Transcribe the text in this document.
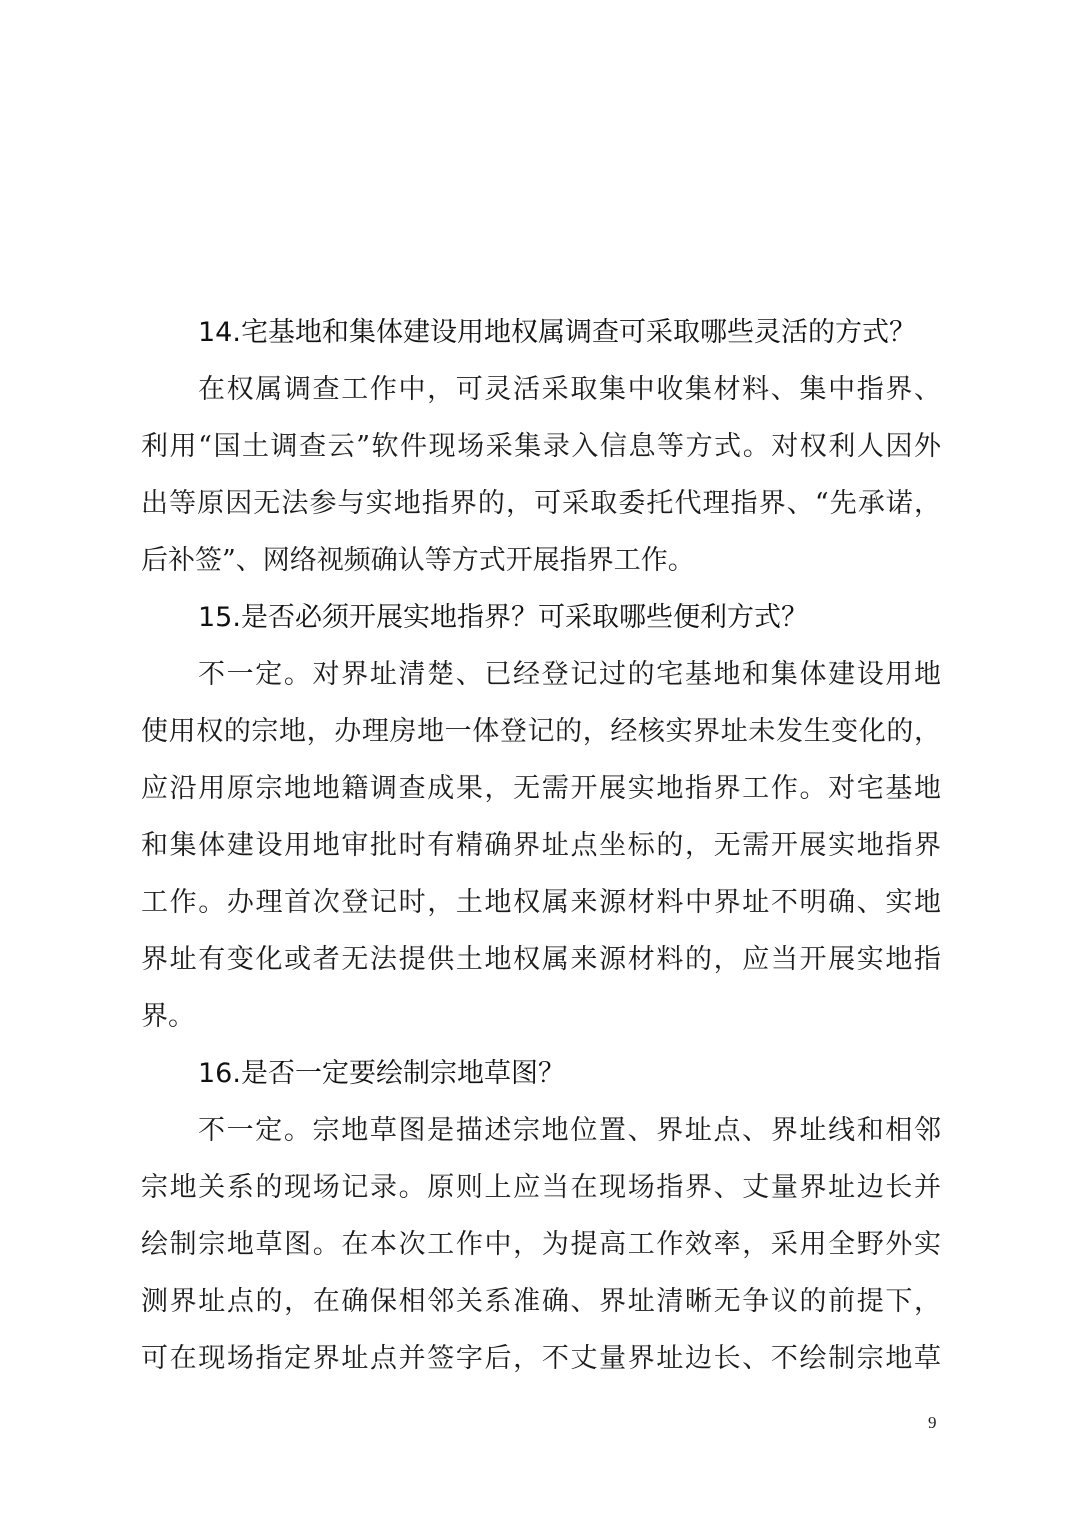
14.宅基地和集体建设用地权属调查可采取哪些灵活的方式？
在权属调查工作中，可灵活采取集中收集材料、集中指界、
利用“国土调查云”软件现场采集录入信息等方式。对权利人因外
出等原因无法参与实地指界的，可采取委托代理指界、“先承诺，
后补签”、网络视频确认等方式开展指界工作。
15.是否必须开展实地指界？可采取哪些便利方式？
不一定。对界址清楚、已经登记过的宅基地和集体建设用地
使用权的宗地，办理房地一体登记的，经核实界址未发生变化的，
应沿用原宗地地籍调查成果，无需开展实地指界工作。对宅基地
和集体建设用地审批时有精确界址点坐标的，无需开展实地指界
工作。办理首次登记时，土地权属来源材料中界址不明确、实地
界址有变化或者无法提供土地权属来源材料的，应当开展实地指
界。
16.是否一定要绘制宗地草图？
不一定。宗地草图是描述宗地位置、界址点、界址线和相邻
宗地关系的现场记录。原则上应当在现场指界、丈量界址边长并
绘制宗地草图。在本次工作中，为提高工作效率，采用全野外实
测界址点的，在确保相邻关系准确、界址清晰无争议的前提下，
可在现场指定界址点并签字后，不丈量界址边长、不绘制宗地草
9
